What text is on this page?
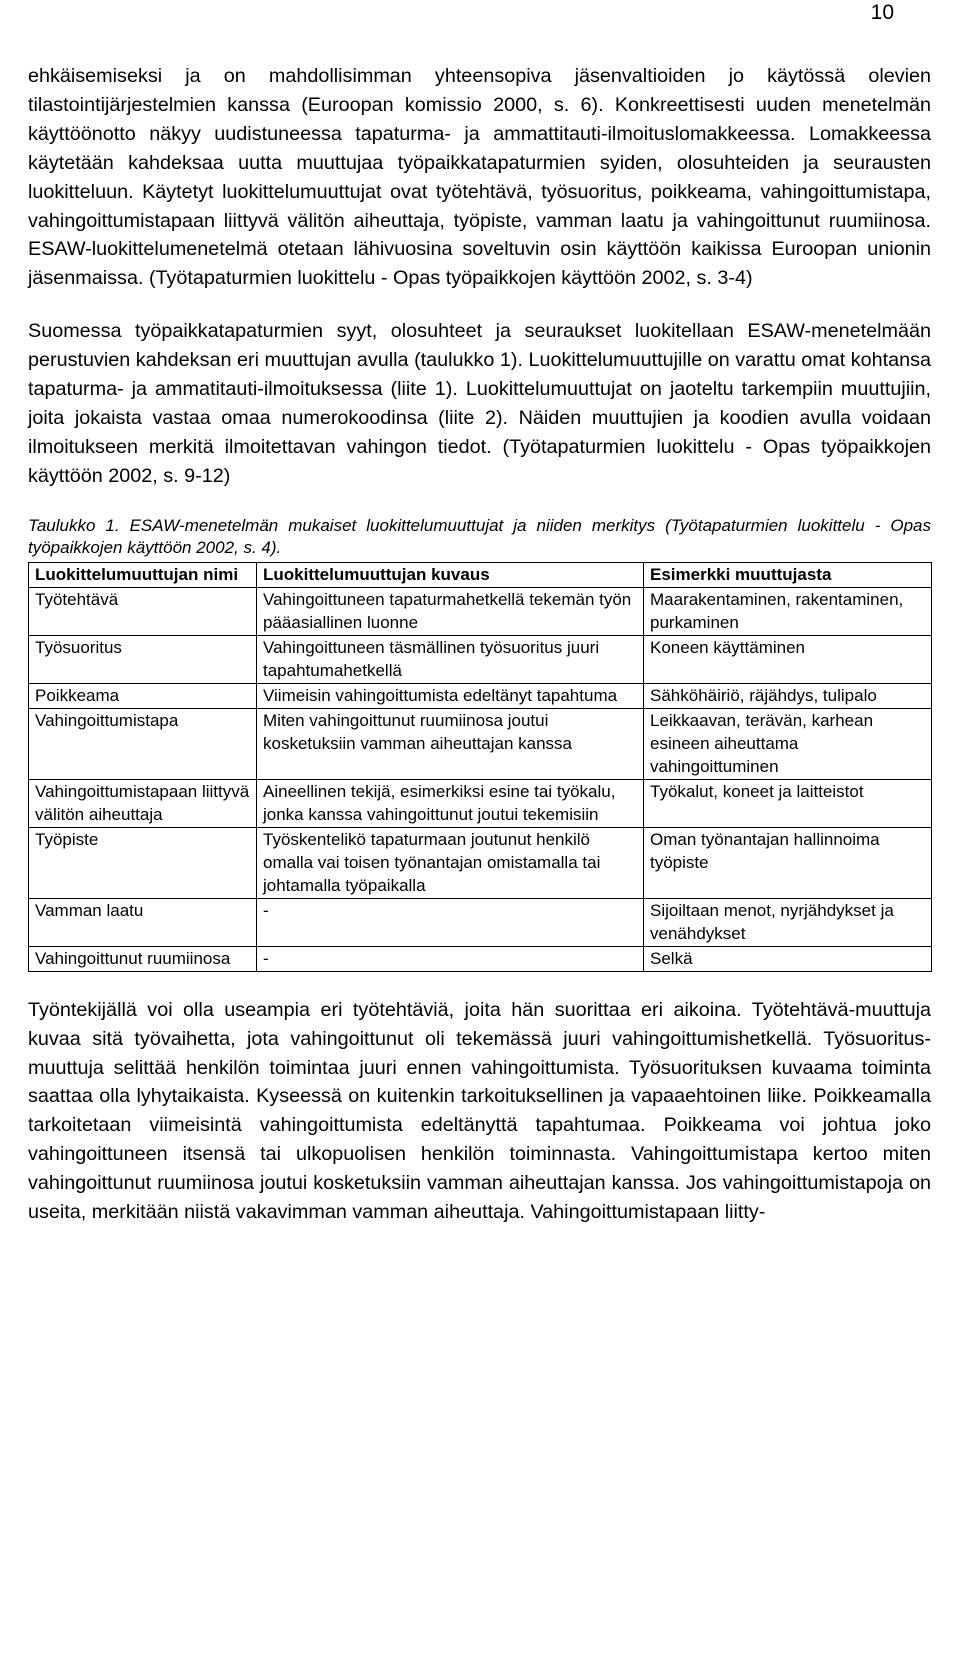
10

ehkäisemiseksi ja on mahdollisimman yhteensopiva jäsenvaltioiden jo käytössä olevien tilastointijärjestelmien kanssa (Euroopan komissio 2000, s. 6). Konkreettisesti uuden menetelmän käyttöönotto näkyy uudistuneessa tapaturma- ja ammattitauti-ilmoituslomakkeessa. Lomakkeessa käytetään kahdeksaa uutta muuttujaa työpaikkatapaturmien syiden, olosuhteiden ja seurausten luokitteluun. Käytetyt luokittelumuuttujat ovat työtehtävä, työsuoritus, poikkeama, vahingoittumistapa, vahingoittumistapaan liittyvä välitön aiheuttaja, työpiste, vamman laatu ja vahingoittunut ruumiinosa. ESAW-luokittelumenetelmä otetaan lähivuosina soveltuvin osin käyttöön kaikissa Euroopan unionin jäsenmaissa. (Työtapaturmien luokittelu - Opas työpaikkojen käyttöön 2002, s. 3-4)

Suomessa työpaikkatapaturmien syyt, olosuhteet ja seuraukset luokitellaan ESAW-menetelmään perustuvien kahdeksan eri muuttujan avulla (taulukko 1). Luokittelumuuttujille on varattu omat kohtansa tapaturma- ja ammatitauti-ilmoituksessa (liite 1). Luokittelumuuttujat on jaoteltu tarkempiin muuttujiin, joita jokaista vastaa omaa numerokoodinsa (liite 2). Näiden muuttujien ja koodien avulla voidaan ilmoitukseen merkitä ilmoitettavan vahingon tiedot. (Työtapaturmien luokittelu - Opas työpaikkojen käyttöön 2002, s. 9-12)

Taulukko 1. ESAW-menetelmän mukaiset luokittelumuuttujat ja niiden merkitys (Työtapaturmien luokittelu - Opas työpaikkojen käyttöön 2002, s. 4).

Luokittelumuuttujan nimi	Luokittelumuuttujan kuvaus	Esimerkki muuttujasta
Työtehtävä	Vahingoittuneen tapaturmahetkellä tekemän työn pääasiallinen luonne	Maarakentaminen, rakentaminen, purkaminen
Työsuoritus	Vahingoittuneen täsmällinen työsuoritus juuri tapahtumahetkellä	Koneen käyttäminen
Poikkeama	Viimeisin vahingoittumista edeltänyt tapahtuma	Sähköhäiriö, räjähdys, tulipalo
Vahingoittumistapa	Miten vahingoittunut ruumiinosa joutui kosketuksiin vamman aiheuttajan kanssa	Leikkaavan, terävän, karhean esineen aiheuttama vahingoittuminen
Vahingoittumistapaan liittyvä välitön aiheuttaja	Aineellinen tekijä, esimerkiksi esine tai työkalu, jonka kanssa vahingoittunut joutui tekemisiin	Työkalut, koneet ja laitteistot
Työpiste	Työskentelikö tapaturmaan joutunut henkilö omalla vai toisen työnantajan omistamalla tai johtamalla työpaikalla	Oman työnantajan hallinnoima työpiste
Vamman laatu	-	Sijoiltaan menot, nyrjähdykset ja venähdykset
Vahingoittunut ruumiinosa	-	Selkä

Työntekijällä voi olla useampia eri työtehtäviä, joita hän suorittaa eri aikoina. Työtehtävä-muuttuja kuvaa sitä työvaihetta, jota vahingoittunut oli tekemässä juuri vahingoittumishetkellä. Työsuoritus-muuttuja selittää henkilön toimintaa juuri ennen vahingoittumista. Työsuorituksen kuvaama toiminta saattaa olla lyhytaikaista. Kyseessä on kuitenkin tarkoituksellinen ja vapaaehtoinen liike. Poikkeamalla tarkoitetaan viimeisintä vahingoittumista edeltänyttä tapahtumaa. Poikkeama voi johtua joko vahingoittuneen itsensä tai ulkopuolisen henkilön toiminnasta. Vahingoittumistapa kertoo miten vahingoittunut ruumiinosa joutui kosketuksiin vamman aiheuttajan kanssa. Jos vahingoittumistapoja on useita, merkitään niistä vakavimman vamman aiheuttaja. Vahingoittumistapaan liitty-
